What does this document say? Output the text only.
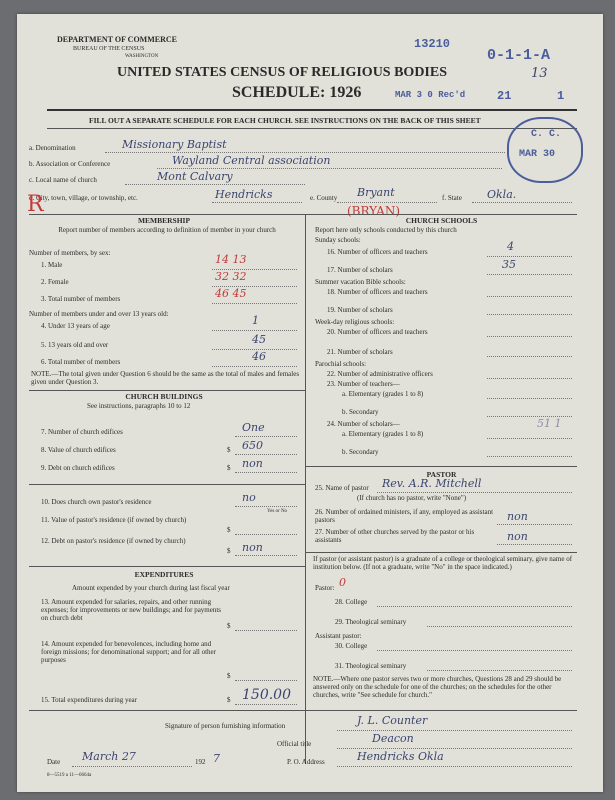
DEPARTMENT OF COMMERCE
BUREAU OF THE CENSUS
WASHINGTON
13210
0-1-1-A
13
UNITED STATES CENSUS OF RELIGIOUS BODIES
SCHEDULE: 1926	MAR 3 0 Rec'd	21	1
FILL OUT A SEPARATE SCHEDULE FOR EACH CHURCH. SEE INSTRUCTIONS ON THE BACK OF THIS SHEET
C. C.
MAR 30
a. Denomination	Missionary Baptist
b. Association or Conference	Wayland Central association
c. Local name of church	Mont Calvary
d. City, town, village, or township, etc.	Hendricks	e. County Bryant	f. State Okla.
(BRYAN)
R
MEMBERSHIP
Report number of members according to definition of member in your church
Number of members, by sex:
1. Male	14 13
2. Female	32 32
3. Total number of members	46 45
Number of members under and over 13 years old:
4. Under 13 years of age	1
5. 13 years old and over	45
6. Total number of members	46
NOTE.—The total given under Question 6 should be the same as the total of males and females given under Question 3.
CHURCH BUILDINGS
See instructions, paragraphs 10 to 12
7. Number of church edifices	One
8. Value of church edifices	$ 650
9. Debt on church edifices	$ non
10. Does church own pastor's residence	no
Yes or No
11. Value of pastor's residence (if owned by church)
$
12. Debt on pastor's residence (if owned by church)
$ non
EXPENDITURES
Amount expended by your church during last fiscal year
13. Amount expended for salaries, repairs, and other running expenses; for improvements or new buildings; and for payments on church debt
$
14. Amount expended for benevolences, including home and foreign missions; for denominational support; and for all other purposes
$
15. Total expenditures during year	$ 150.00
CHURCH SCHOOLS
Report here only schools conducted by this church
Sunday schools:
16. Number of officers and teachers	4
17. Number of scholars	35
Summer vacation Bible schools:
18. Number of officers and teachers
19. Number of scholars
Week-day religious schools:
20. Number of officers and teachers
21. Number of scholars
Parochial schools:
22. Number of administrative officers
23. Number of teachers—
a. Elementary (grades 1 to 8)
b. Secondary
24. Number of scholars—	51 1
a. Elementary (grades 1 to 8)
b. Secondary
PASTOR
25. Name of pastor Rev. A.R. Mitchell
(If church has no pastor, write "None")
26. Number of ordained ministers, if any, employed as assistant pastors	non
27. Number of other churches served by the pastor or his assistants	non
If pastor (or assistant pastor) is a graduate of a college or theological seminary, give name of institution below. (If not a graduate, write "No" in the space indicated.)
Pastor: 0
28. College
29. Theological seminary
Assistant pastor:
30. College
31. Theological seminary
NOTE.—Where one pastor serves two or more churches, Questions 28 and 29 should be answered only on the schedule for one of the churches; on the schedules for the other churches, write "See schedule for church."
Signature of person furnishing information	J. L. Counter
Official title	Deacon
Date March 27	192 7	P. O. Address	Hendricks Okla
8—5519 a 11—6664a
